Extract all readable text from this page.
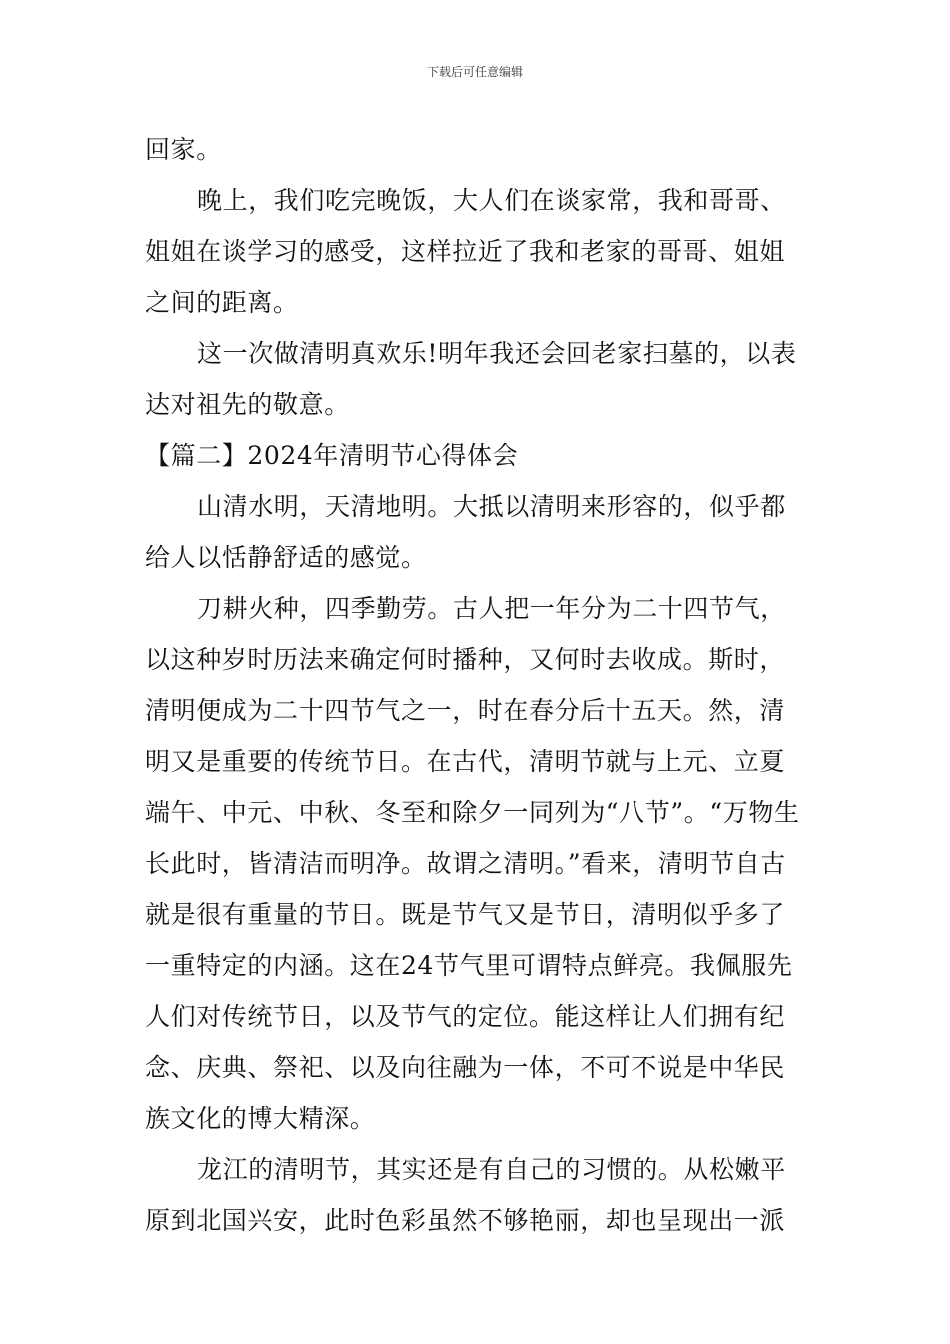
下载后可任意编辑

回家。

晚上，我们吃完晚饭，大人们在谈家常，我和哥哥、姐姐在谈学习的感受，这样拉近了我和老家的哥哥、姐姐之间的距离。

这一次做清明真欢乐!明年我还会回老家扫墓的，以表达对祖先的敬意。

【篇二】2024年清明节心得体会

山清水明，天清地明。大抵以清明来形容的，似乎都给人以恬静舒适的感觉。

刀耕火种，四季勤劳。古人把一年分为二十四节气，以这种岁时历法来确定何时播种，又何时去收成。斯时，清明便成为二十四节气之一，时在春分后十五天。然，清明又是重要的传统节日。在古代，清明节就与上元、立夏端午、中元、中秋、冬至和除夕一同列为“八节”。“万物生长此时，皆清洁而明净。故谓之清明。”看来，清明节自古就是很有重量的节日。既是节气又是节日，清明似乎多了一重特定的内涵。这在24节气里可谓特点鲜亮。我佩服先人们对传统节日，以及节气的定位。能这样让人们拥有纪念、庆典、祭祀、以及向往融为一体，不可不说是中华民族文化的博大精深。

龙江的清明节，其实还是有自己的习惯的。从松嫩平原到北国兴安，此时色彩虽然不够艳丽，却也呈现出一派
